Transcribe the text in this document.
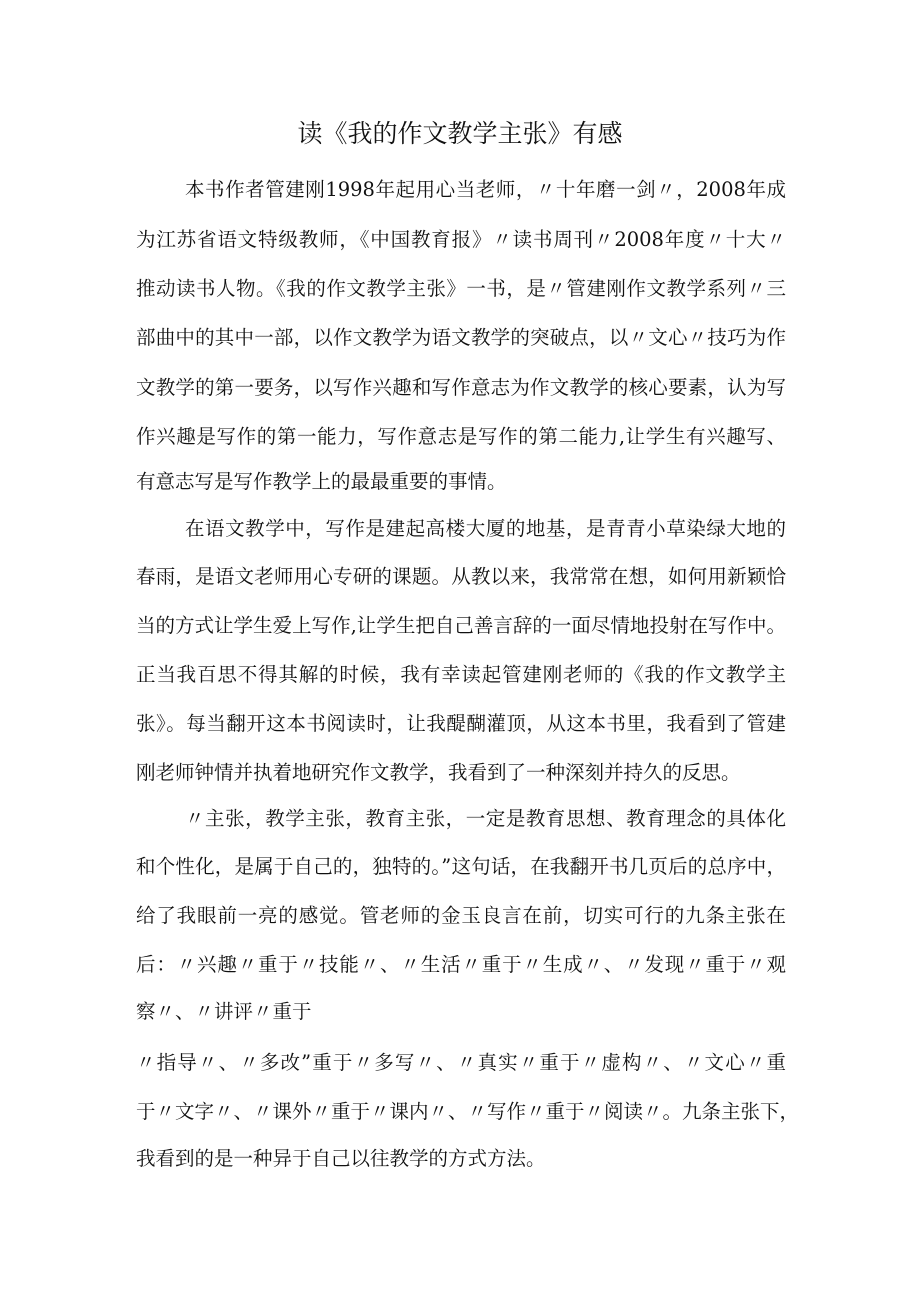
读《我的作文教学主张》有感
本书作者管建刚1998年起用心当老师，〃十年磨一剑〃，2008年成
为江苏省语文特级教师，《中国教育报》〃读书周刊〃2008年度〃十大〃
推动读书人物。《我的作文教学主张》一书，是〃管建刚作文教学系列〃三
部曲中的其中一部，以作文教学为语文教学的突破点，以〃文心〃技巧为作
文教学的第一要务，以写作兴趣和写作意志为作文教学的核心要素，认为写
作兴趣是写作的第一能力，写作意志是写作的第二能力,让学生有兴趣写、
有意志写是写作教学上的最最重要的事情。
在语文教学中，写作是建起高楼大厦的地基，是青青小草染绿大地的
春雨，是语文老师用心专研的课题。从教以来，我常常在想，如何用新颖恰
当的方式让学生爱上写作,让学生把自己善言辞的一面尽情地投射在写作中。
正当我百思不得其解的时候，我有幸读起管建刚老师的《我的作文教学主
张》。每当翻开这本书阅读时，让我醍醐灌顶，从这本书里，我看到了管建
刚老师钟情并执着地研究作文教学，我看到了一种深刻并持久的反思。
〃主张，教学主张，教育主张，一定是教育思想、教育理念的具体化
和个性化，是属于自己的，独特的。”这句话，在我翻开书几页后的总序中，
给了我眼前一亮的感觉。管老师的金玉良言在前，切实可行的九条主张在
后：〃兴趣〃重于〃技能〃、〃生活〃重于〃生成〃、〃发现〃重于〃观
察〃、〃讲评〃重于
〃指导〃、〃多改”重于〃多写〃、〃真实〃重于〃虚构〃、〃文心〃重
于〃文字〃、〃课外〃重于〃课内〃、〃写作〃重于〃阅读〃。九条主张下，
我看到的是一种异于自己以往教学的方式方法。
